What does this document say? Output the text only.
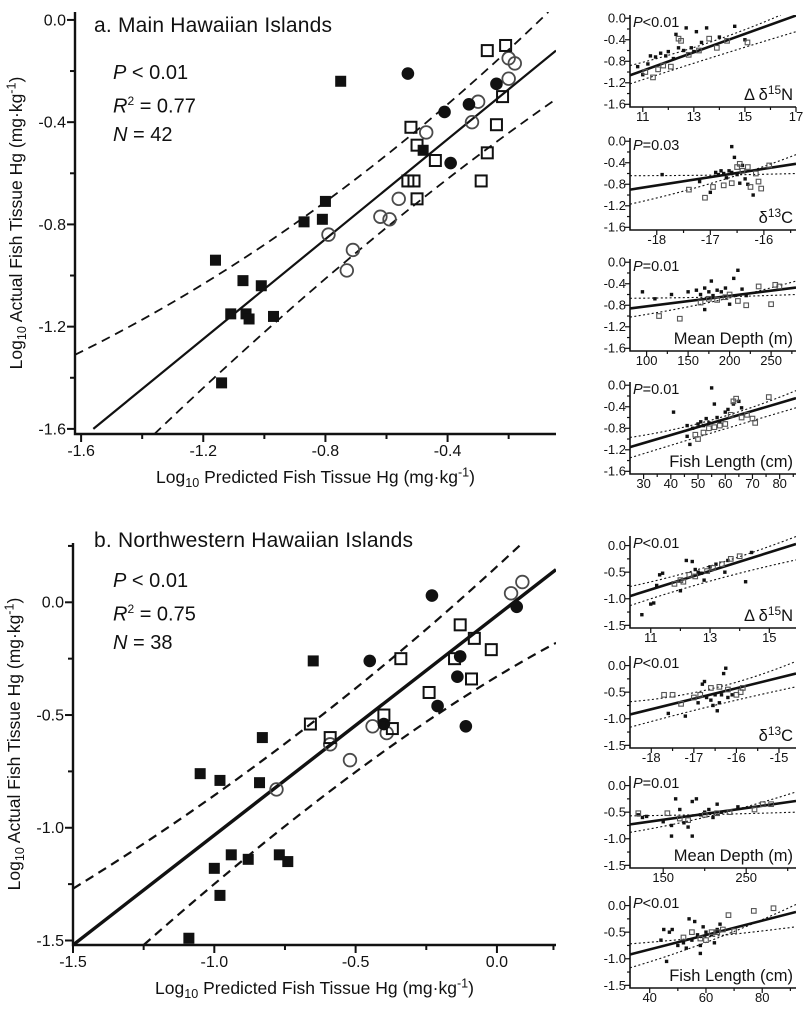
-1.6	-1.2	-0.8	-0.4
0.0
-0.4
-0.8
-1.2
-1.6
Log$_{10}$ Predicted Fish Tissue Hg $(mg\cdot kg^{-1})$
Log$_{10}$ Actual Fish Tissue Hg $(mg\cdot kg^{-1})$
-1.5	-1.0	-0.5	0.0
0.0
-0.5
-1.0
-1.5
Log$_{10}$ Predicted Fish Tissue Hg $(mg\cdot kg^{-1})$
Log$_{10}$ Actual Fish Tissue Hg $(mg\cdot kg^{-1})$
a. Main Hawaiian Islands
b. Northwestern Hawaiian Islands
P < 0.01
$R^2 = 0.77$
N = 42
P < 0.01
$R^2 = 0.75$
N = 38
11	13	15	17
0.0
-0.4
-0.8
-1.2
-1.6
P<0.01
Δ $\delta^{15}N$
-18	-17	-16
0.0
-0.4
-0.8
-1.2
-1.6
P=0.03
$\delta^{13}C$
100 150 200 250
0.0
-0.4
-0.8
-1.2
-1.6
P=0.01
Mean Depth (m)
30 40 50 60 70 80
0.0
-0.4
-0.8
-1.2
-1.6
P=0.01
Fish Length (cm)
11	13	15
0.0
-0.5
-1.0
-1.5
P<0.01
Δ $\delta^{15}N$
-18 -17 -16 -15
0.0
-0.5
-1.0
-1.5
P<0.01
$\delta^{13}C$
150	250
0.0
-0.5
-1.0
-1.5
P=0.01
Mean Depth (m)
40	60	80
0.0
-0.5
-1.0
-1.5
P<0.01
Fish Length (cm)
